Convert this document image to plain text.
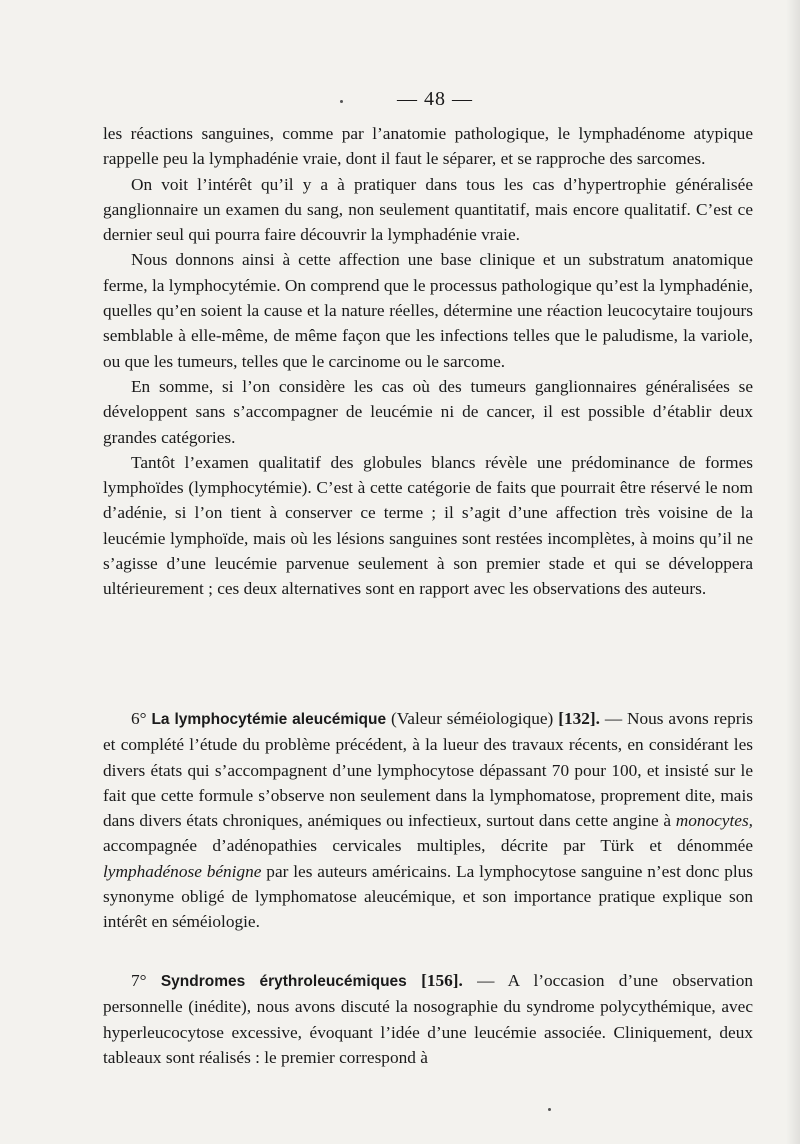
— 48 —

les réactions sanguines, comme par l’anatomie pathologique, le lymphadénome atypique rappelle peu la lymphadénie vraie, dont il faut le séparer, et se rapproche des sarcomes.

On voit l’intérêt qu’il y a à pratiquer dans tous les cas d’hypertrophie généralisée ganglionnaire un examen du sang, non seulement quantitatif, mais encore qualitatif. C’est ce dernier seul qui pourra faire découvrir la lymphadénie vraie.

Nous donnons ainsi à cette affection une base clinique et un substratum anatomique ferme, la lymphocytémie. On comprend que le processus pathologique qu’est la lymphadénie, quelles qu’en soient la cause et la nature réelles, détermine une réaction leucocytaire toujours semblable à elle-même, de même façon que les infections telles que le paludisme, la variole, ou que les tumeurs, telles que le carcinome ou le sarcome.

En somme, si l’on considère les cas où des tumeurs ganglionnaires généralisées se développent sans s’accompagner de leucémie ni de cancer, il est possible d’établir deux grandes catégories.

Tantôt l’examen qualitatif des globules blancs révèle une prédominance de formes lymphoïdes (lymphocytémie). C’est à cette catégorie de faits que pourrait être réservé le nom d’adénie, si l’on tient à conserver ce terme ; il s’agit d’une affection très voisine de la leucémie lymphoïde, mais où les lésions sanguines sont restées incomplètes, à moins qu’il ne s’agisse d’une leucémie parvenue seulement à son premier stade et qui se développera ultérieurement ; ces deux alternatives sont en rapport avec les observations des auteurs.

6° La lymphocytémie aleucémique (Valeur séméiologique) [132]. — Nous avons repris et complété l’étude du problème précédent, à la lueur des travaux récents, en considérant les divers états qui s’accompagnent d’une lymphocytose dépassant 70 pour 100, et insisté sur le fait que cette formule s’observe non seulement dans la lymphomatose, proprement dite, mais dans divers états chroniques, anémiques ou infectieux, surtout dans cette angine à monocytes, accompagnée d’adénopathies cervicales multiples, décrite par Türk et dénommée lymphadénose bénigne par les auteurs américains. La lymphocytose sanguine n’est donc plus synonyme obligé de lymphomatose aleucémique, et son importance pratique explique son intérêt en séméiologie.

7° Syndromes érythroleucémiques [156]. — A l’occasion d’une observation personnelle (inédite), nous avons discuté la nosographie du syndrome polycythémique, avec hyperleucocytose excessive, évoquant l’idée d’une leucémie associée. Cliniquement, deux tableaux sont réalisés : le premier correspond à
